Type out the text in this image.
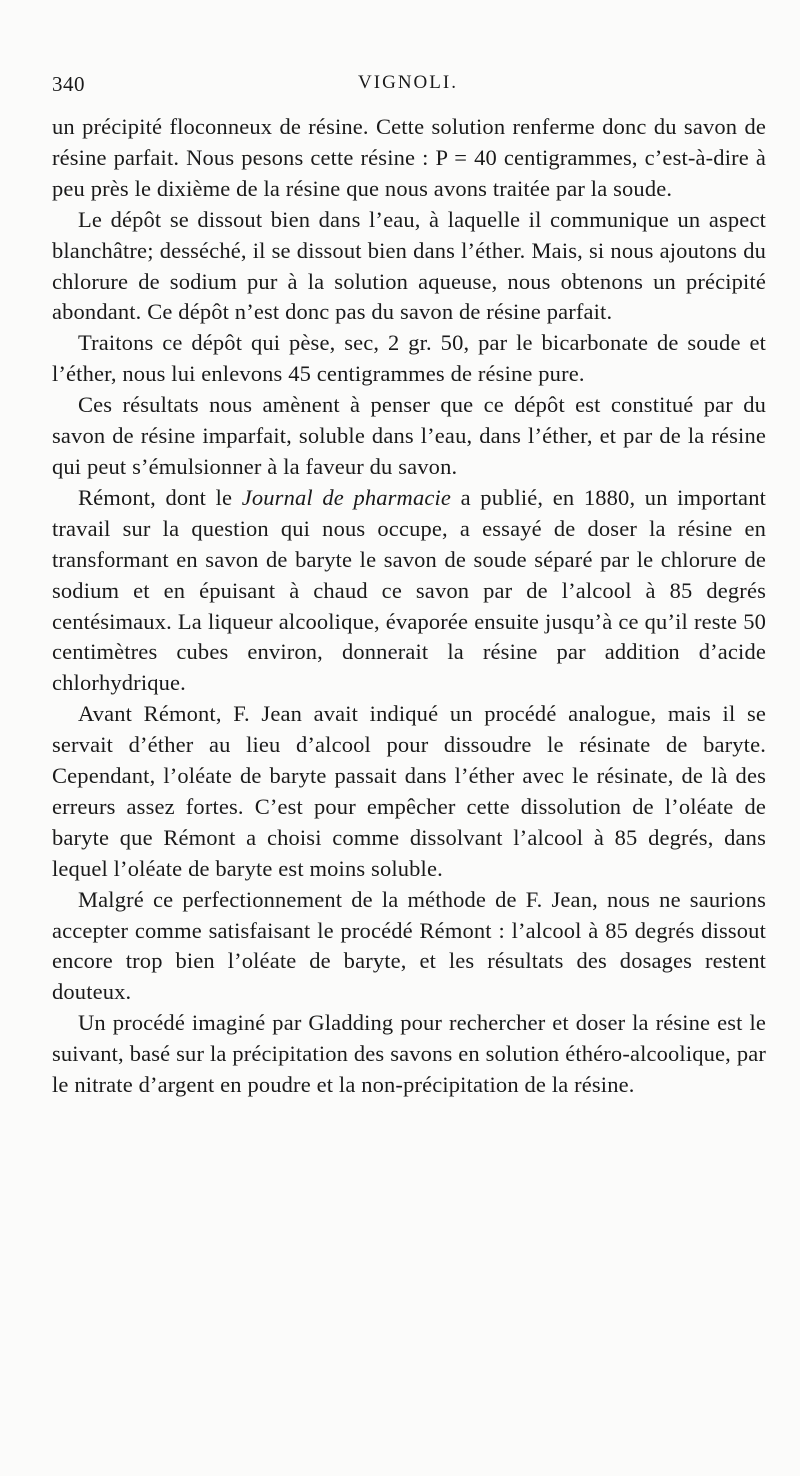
340	VIGNOLI.

un précipité floconneux de résine. Cette solution renferme donc du savon de résine parfait. Nous pesons cette résine : P = 40 centigrammes, c’est-à-dire à peu près le dixième de la résine que nous avons traitée par la soude.

Le dépôt se dissout bien dans l’eau, à laquelle il communique un aspect blanchâtre; desséché, il se dissout bien dans l’éther. Mais, si nous ajoutons du chlorure de sodium pur à la solution aqueuse, nous obtenons un précipité abondant. Ce dépôt n’est donc pas du savon de résine parfait.

Traitons ce dépôt qui pèse, sec, 2 gr. 50, par le bicarbonate de soude et l’éther, nous lui enlevons 45 centigrammes de résine pure.

Ces résultats nous amènent à penser que ce dépôt est constitué par du savon de résine imparfait, soluble dans l’eau, dans l’éther, et par de la résine qui peut s’émulsionner à la faveur du savon.

Rémont, dont le Journal de pharmacie a publié, en 1880, un important travail sur la question qui nous occupe, a essayé de doser la résine en transformant en savon de baryte le savon de soude séparé par le chlorure de sodium et en épuisant à chaud ce savon par de l’alcool à 85 degrés centésimaux. La liqueur alcoolique, évaporée ensuite jusqu’à ce qu’il reste 50 centimètres cubes environ, donnerait la résine par addition d’acide chlorhydrique.

Avant Rémont, F. Jean avait indiqué un procédé analogue, mais il se servait d’éther au lieu d’alcool pour dissoudre le résinate de baryte. Cependant, l’oléate de baryte passait dans l’éther avec le résinate, de là des erreurs assez fortes. C’est pour empêcher cette dissolution de l’oléate de baryte que Rémont a choisi comme dissolvant l’alcool à 85 degrés, dans lequel l’oléate de baryte est moins soluble.

Malgré ce perfectionnement de la méthode de F. Jean, nous ne saurions accepter comme satisfaisant le procédé Rémont : l’alcool à 85 degrés dissout encore trop bien l’oléate de baryte, et les résultats des dosages restent douteux.

Un procédé imaginé par Gladding pour rechercher et doser la résine est le suivant, basé sur la précipitation des savons en solution éthéro-alcoolique, par le nitrate d’argent en poudre et la non-précipitation de la résine.
